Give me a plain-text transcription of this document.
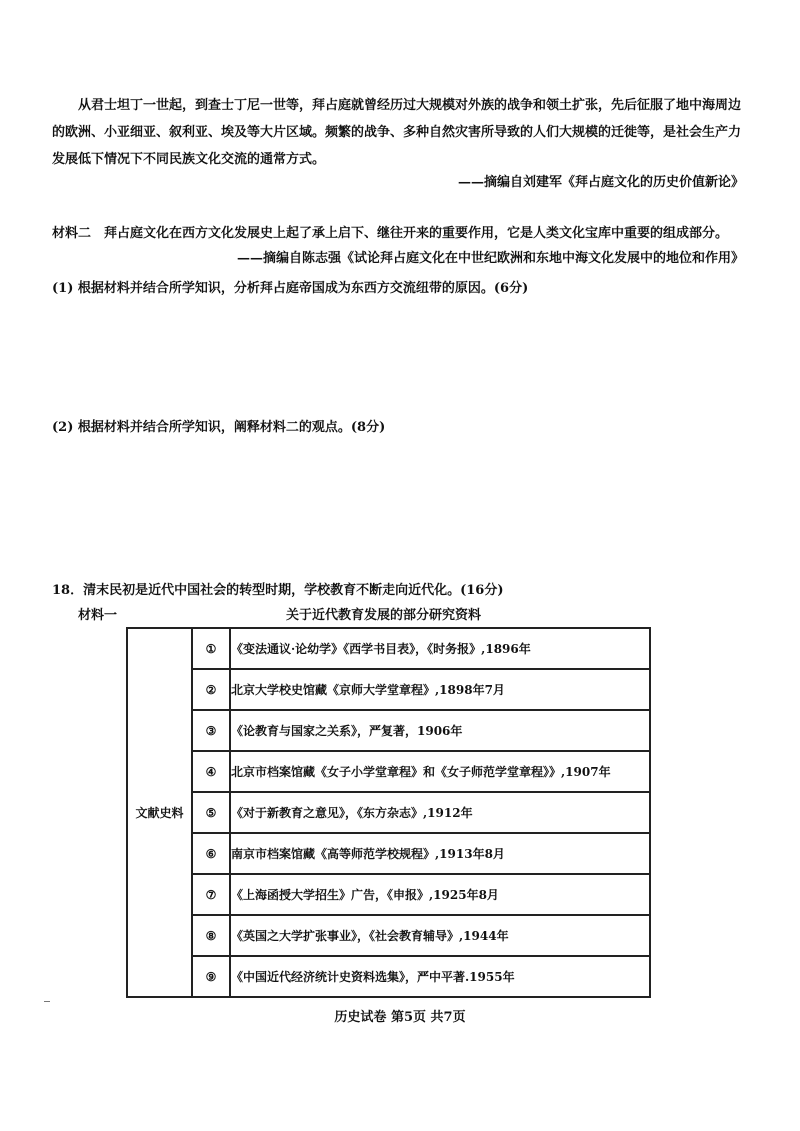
从君士坦丁一世起，到查士丁尼一世等，拜占庭就曾经历过大规模对外族的战争和领土扩张，先后征服了地中海周边的欧洲、小亚细亚、叙利亚、埃及等大片区域。频繁的战争、多种自然灾害所导致的人们大规模的迁徙等，是社会生产力发展低下情况下不同民族文化交流的通常方式。

——摘编自刘建军《拜占庭文化的历史价值新论》

材料二　拜占庭文化在西方文化发展史上起了承上启下、继往开来的重要作用，它是人类文化宝库中重要的组成部分。

——摘编自陈志强《试论拜占庭文化在中世纪欧洲和东地中海文化发展中的地位和作用》
(1) 根据材料并结合所学知识，分析拜占庭帝国成为东西方交流纽带的原因。(6分)
(2) 根据材料并结合所学知识，阐释材料二的观点。(8分)
18．清末民初是近代中国社会的转型时期，学校教育不断走向近代化。(16分)
材料一	关于近代教育发展的部分研究资料
文献史料	①	《变法通议·论幼学》《西学书目表》，《时务报》,1896年
	②	北京大学校史馆藏《京师大学堂章程》,1898年7月
	③	《论教育与国家之关系》，严复著，1906年
	④	北京市档案馆藏《女子小学堂章程》和《女子师范学堂章程》》,1907年
	⑤	《对于新教育之意见》，《东方杂志》,1912年
	⑥	南京市档案馆藏《高等师范学校规程》,1913年8月
	⑦	《上海函授大学招生》广告，《申报》,1925年8月
	⑧	《英国之大学扩张事业》，《社会教育辅导》,1944年
	⑨	《中国近代经济统计史资料选集》，严中平著.1955年
历史试卷 第5页 共7页
